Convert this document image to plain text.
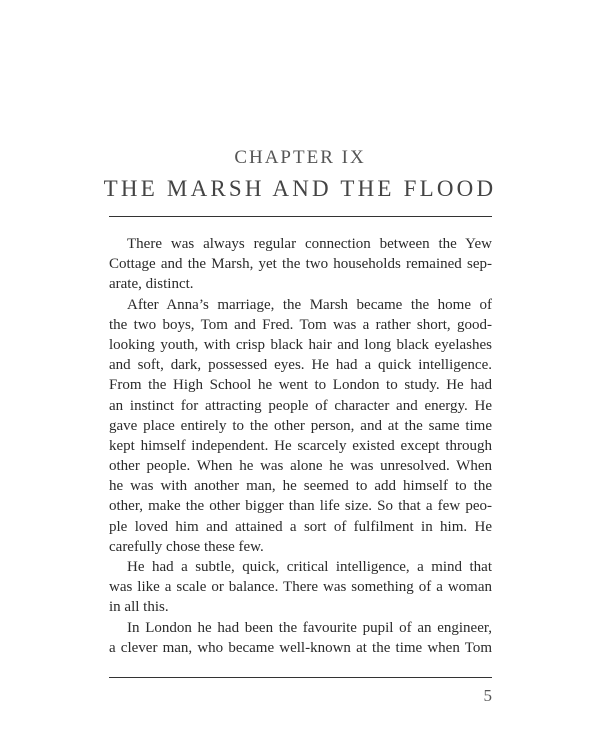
CHAPTER IX
THE MARSH AND THE FLOOD
There was always regular connection between the Yew
Cottage and the Marsh, yet the two households remained sep-
arate, distinct.
After Anna’s marriage, the Marsh became the home of
the two boys, Tom and Fred. Tom was a rather short, good-
looking youth, with crisp black hair and long black eyelashes
and soft, dark, possessed eyes. He had a quick intelligence.
From the High School he went to London to study. He had
an instinct for attracting people of character and energy. He
gave place entirely to the other person, and at the same time
kept himself independent. He scarcely existed except through
other people. When he was alone he was unresolved. When
he was with another man, he seemed to add himself to the
other, make the other bigger than life size. So that a few peo-
ple loved him and attained a sort of fulfilment in him. He
carefully chose these few.
He had a subtle, quick, critical intelligence, a mind that
was like a scale or balance. There was something of a woman
in all this.
In London he had been the favourite pupil of an engineer,
a clever man, who became well-known at the time when Tom
5
